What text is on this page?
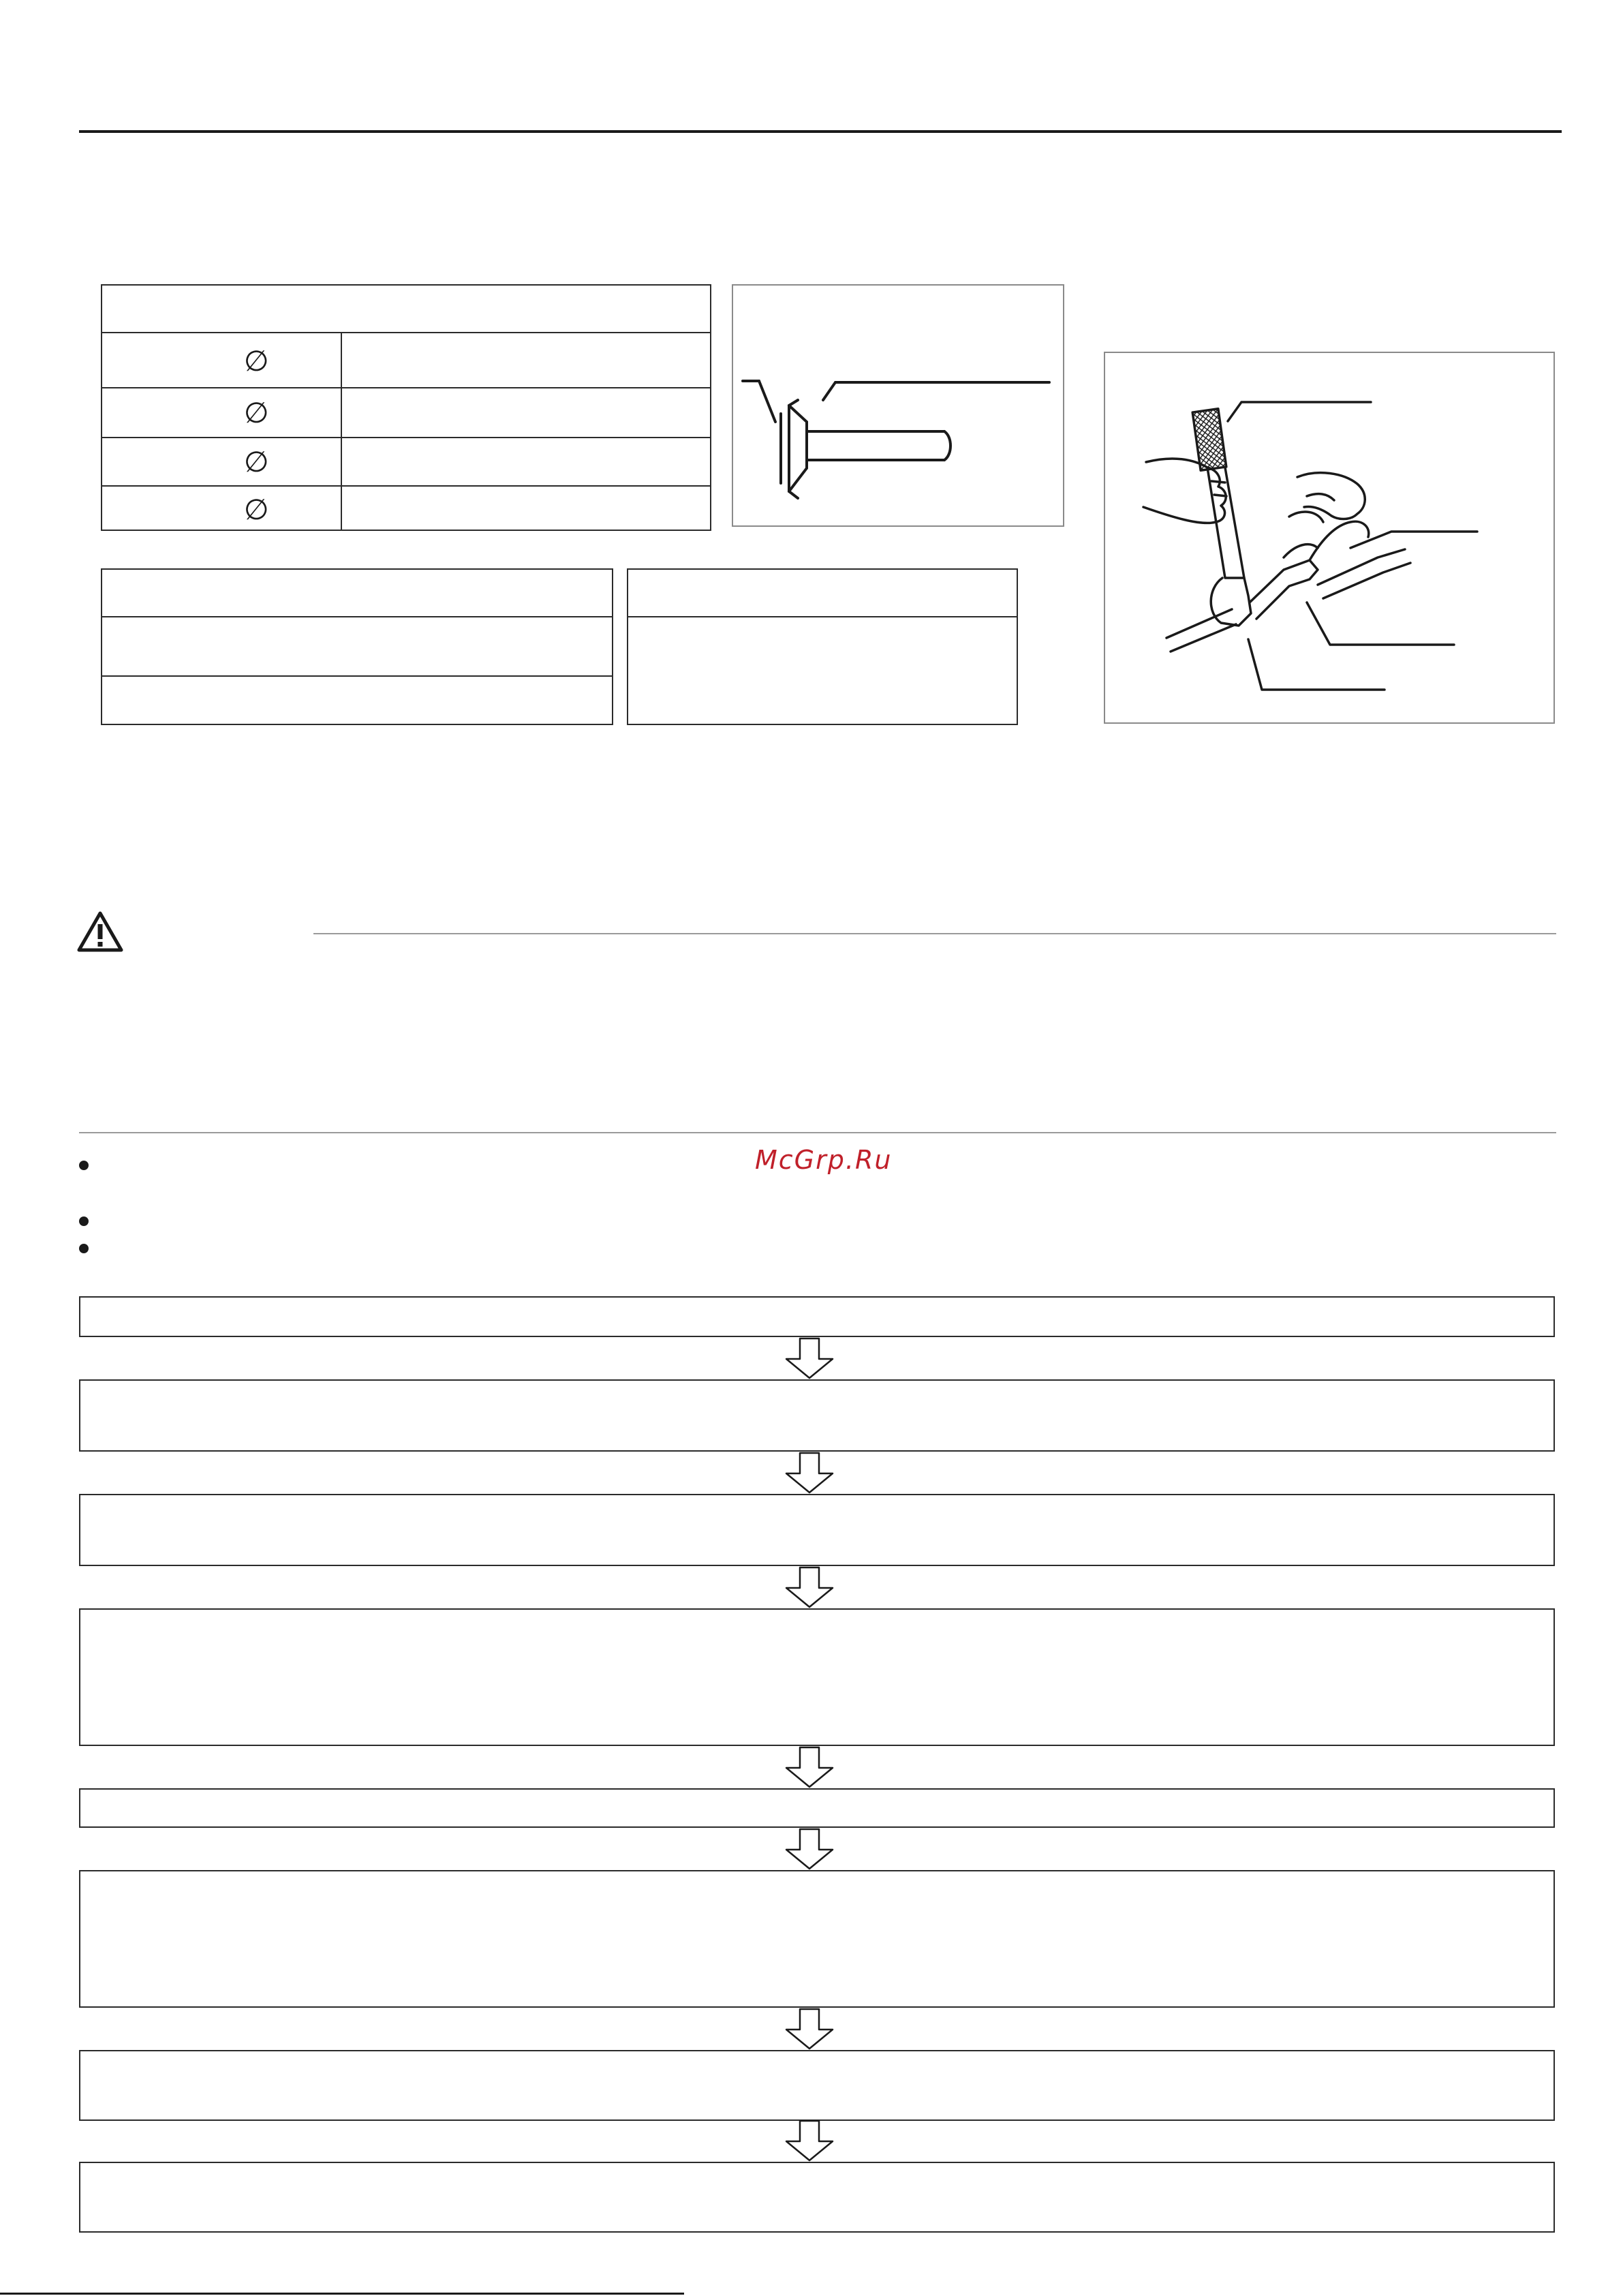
∅
∅
∅
∅
McGrp.Ru
